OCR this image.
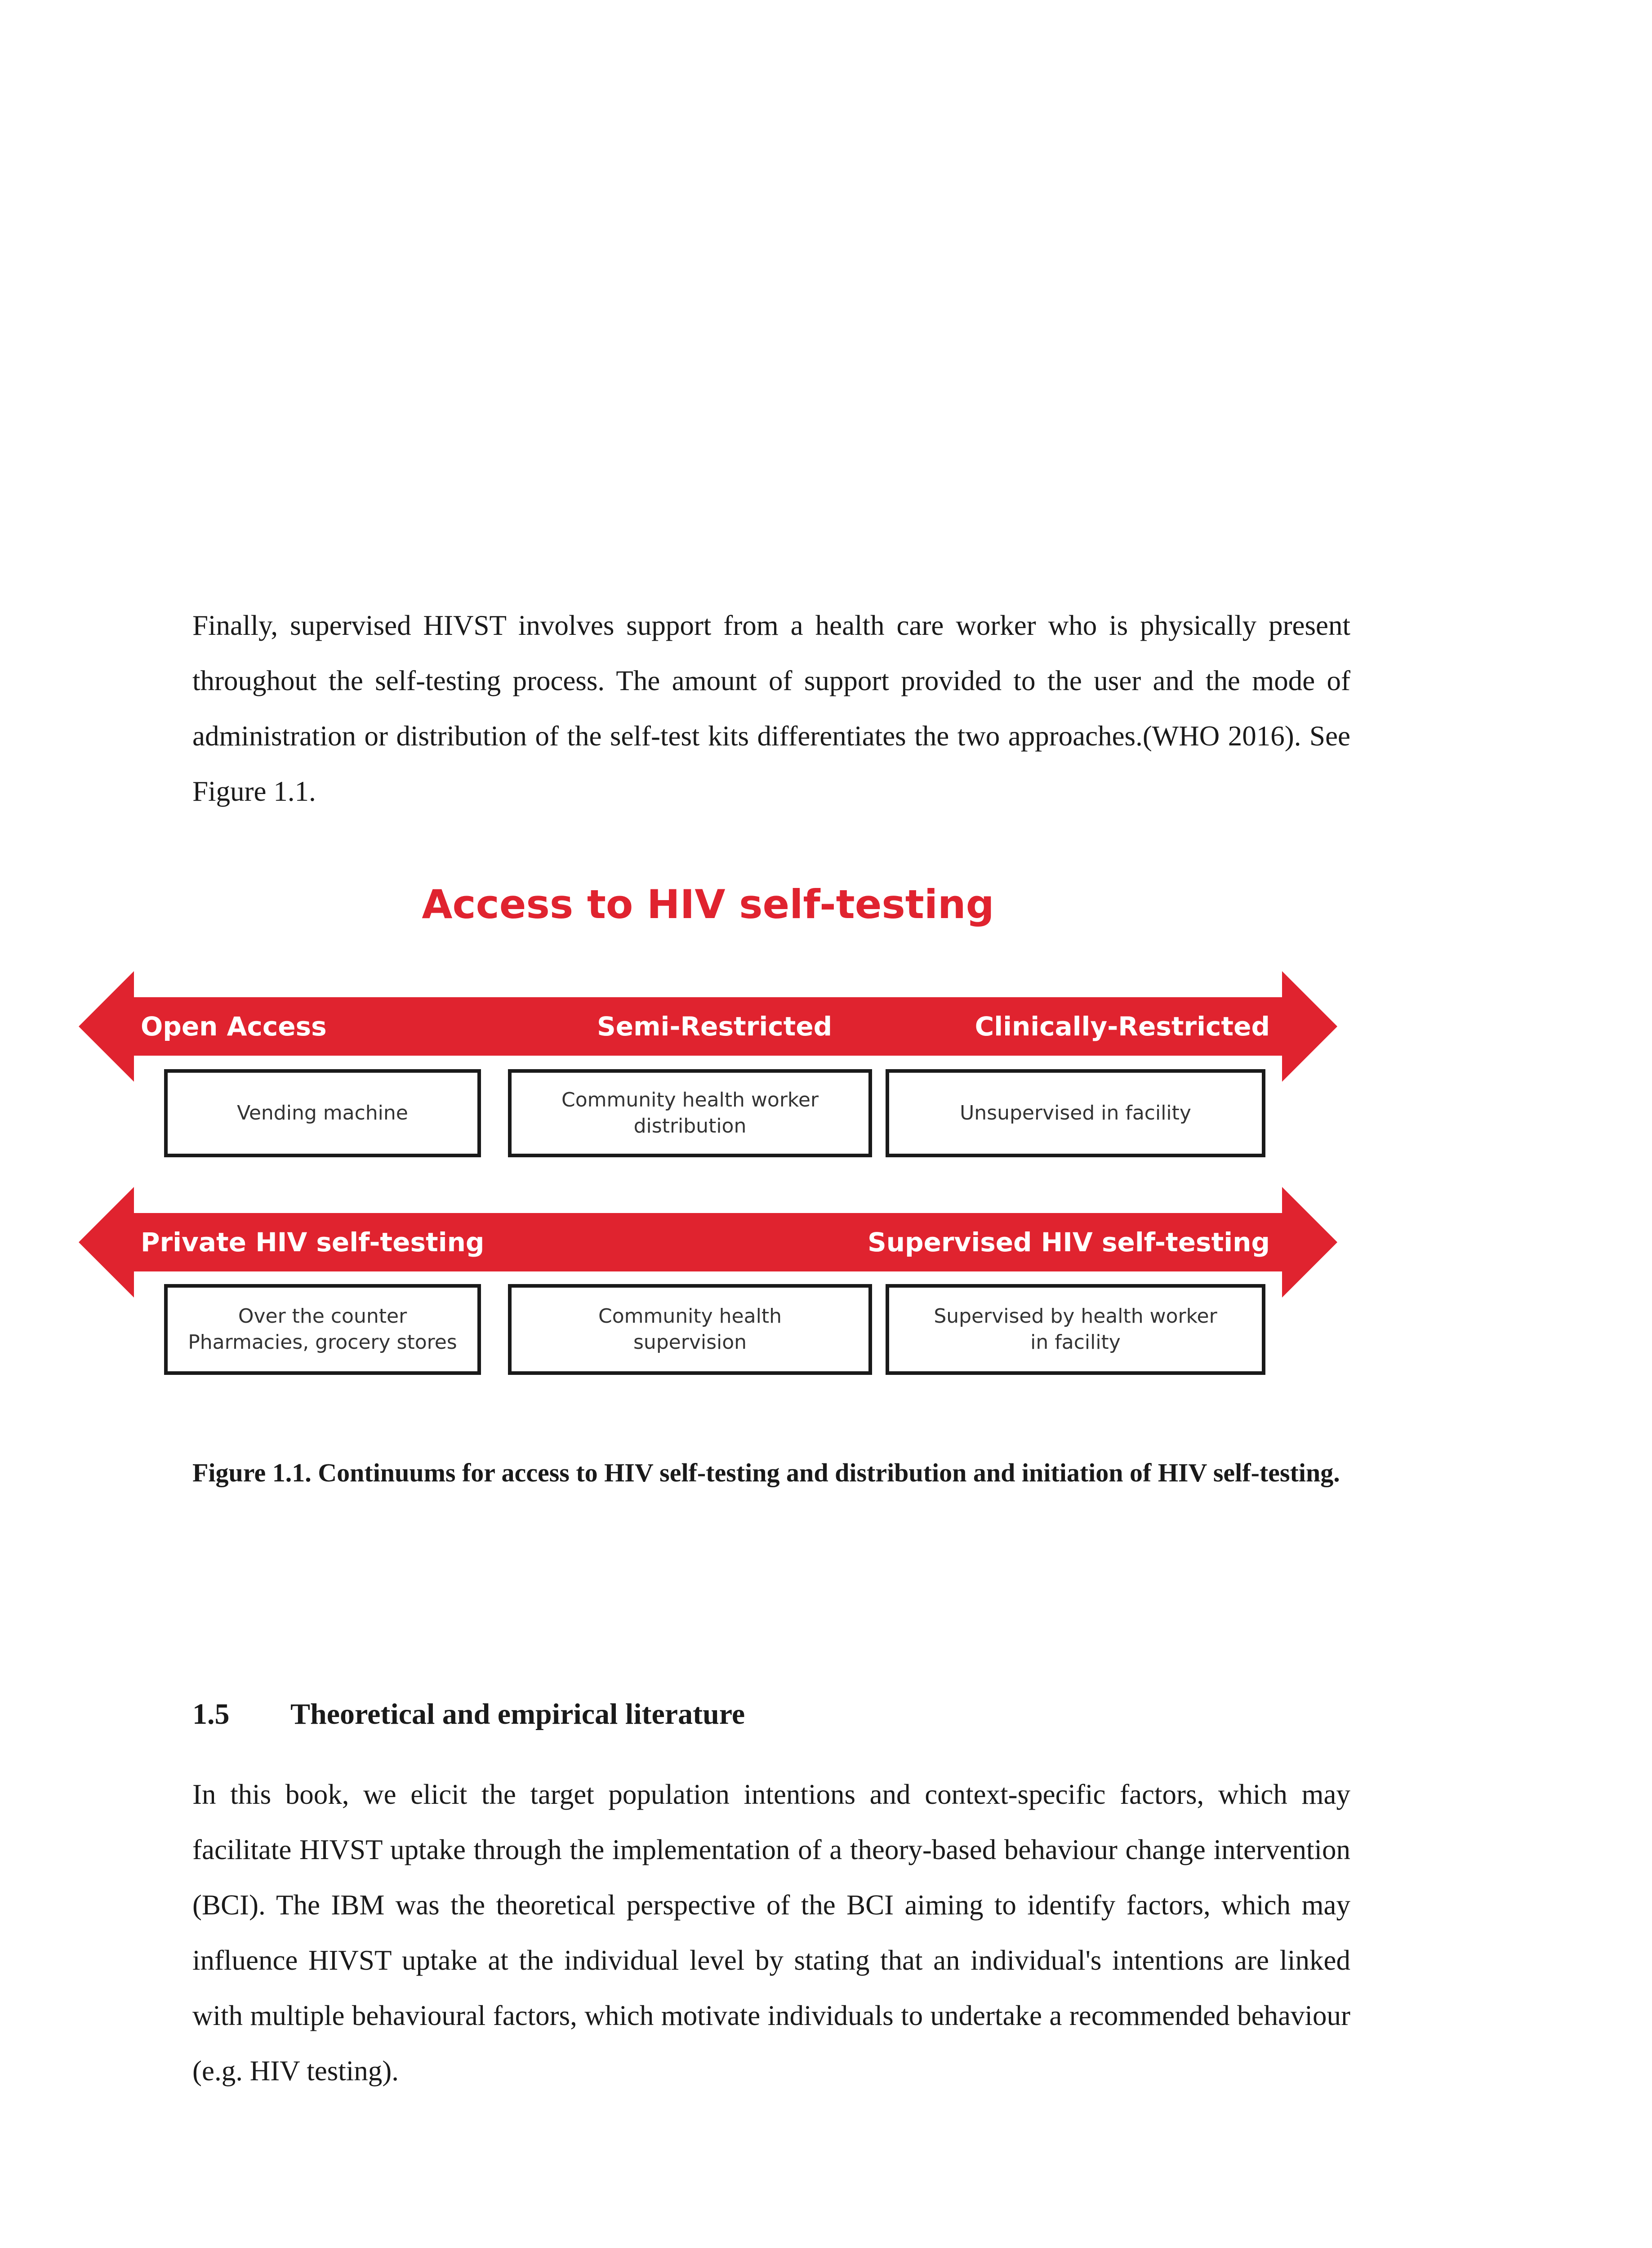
Finally, supervised HIVST involves support from a health care worker who is physically present throughout the self-testing process. The amount of support provided to the user and the mode of administration or distribution of the self-test kits differentiates the two approaches.(WHO 2016). See Figure 1.1.

Access to HIV self-testing
Open Access	Semi-Restricted	Clinically-Restricted
Vending machine
Community health worker
distribution
Unsupervised in facility
Private HIV self-testing	Supervised HIV self-testing
Over the counter
Pharmacies, grocery stores
Community health
supervision
Supervised by health worker
in facility

Figure 1.1. Continuums for access to HIV self-testing and distribution and initiation of HIV self-testing.

1.5 Theoretical and empirical literature

In this book, we elicit the target population intentions and context-specific factors, which may facilitate HIVST uptake through the implementation of a theory-based behaviour change intervention (BCI). The IBM was the theoretical perspective of the BCI aiming to identify factors, which may influence HIVST uptake at the individual level by stating that an individual's intentions are linked with multiple behavioural factors, which motivate individuals to undertake a recommended behaviour (e.g. HIV testing).
